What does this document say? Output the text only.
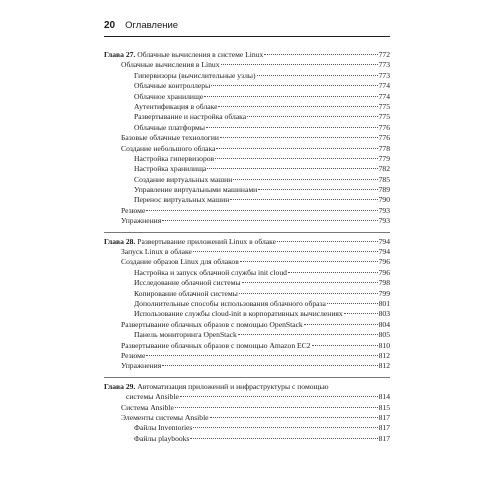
20 Оглавление
Глава 27. Облачные вычисления в системе Linux	772
Облачные вычисления в Linux	773
Гипервизоры (вычислительные узлы)	773
Облачные контроллеры	774
Облачное хранилище	774
Аутентификация в облаке	775
Развертывание и настройка облака	775
Облачные платформы	776
Базовые облачные технологии	776
Создание небольшого облака	778
Настройка гипервизоров	779
Настройка хранилища	782
Создание виртуальных машин	785
Управление виртуальными машинами	789
Перенос виртуальных машин	790
Резюме	793
Упражнения	793
Глава 28. Развертывание приложений Linux в облаке	794
Запуск Linux в облаке	794
Создание образов Linux для облаков	796
Настройка и запуск облачной службы init cloud	796
Исследование облачной системы	798
Копирование облачной системы	799
Дополнительные способы использования облачного образа	801
Использование службы cloud-init в корпоративных вычислениях	803
Развертывание облачных образов с помощью OpenStack	804
Панель мониторинга OpenStack	805
Развертывание облачных образов с помощью Amazon EC2	810
Резюме	812
Упражнения	812
Глава 29. Автоматизация приложений и инфраструктуры с помощью
системы Ansible	814
Система Ansible	815
Элементы системы Ansible	817
Файлы Inventories	817
Файлы playbooks	817
